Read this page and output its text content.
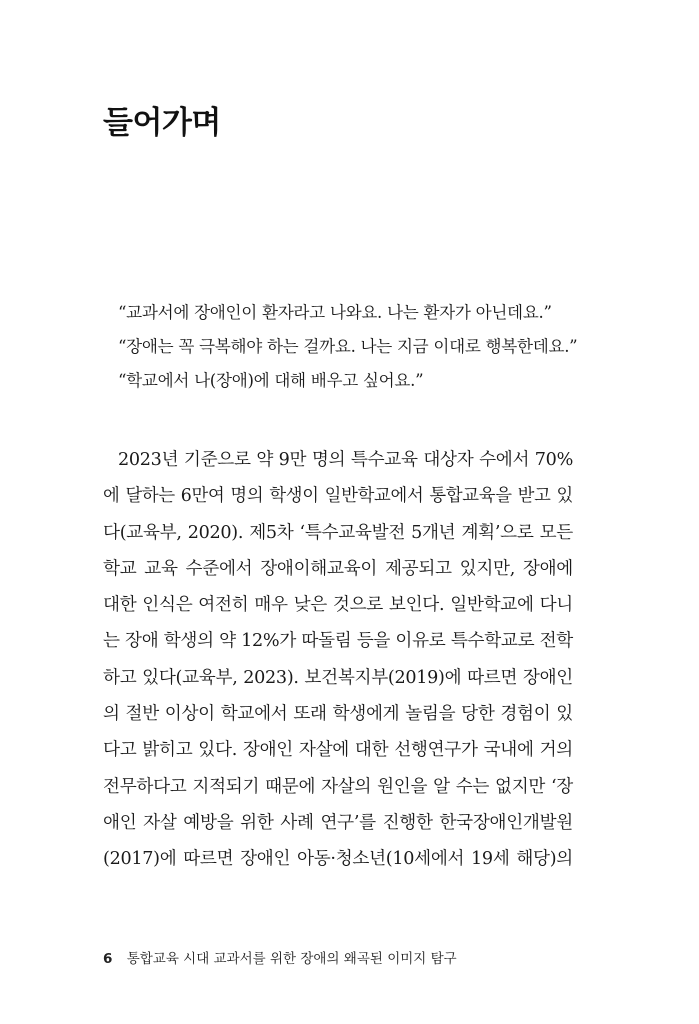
들어가며
“교과서에 장애인이 환자라고 나와요. 나는 환자가 아닌데요.”
“장애는 꼭 극복해야 하는 걸까요. 나는 지금 이대로 행복한데요.”
“학교에서 나(장애)에 대해 배우고 싶어요.”
2023년 기준으로 약 9만 명의 특수교육 대상자 수에서 70%
에 달하는 6만여 명의 학생이 일반학교에서 통합교육을 받고 있
다(교육부, 2020). 제5차 ‘특수교육발전 5개년 계획’으로 모든
학교 교육 수준에서 장애이해교육이 제공되고 있지만, 장애에
대한 인식은 여전히 매우 낮은 것으로 보인다. 일반학교에 다니
는 장애 학생의 약 12%가 따돌림 등을 이유로 특수학교로 전학
하고 있다(교육부, 2023). 보건복지부(2019)에 따르면 장애인
의 절반 이상이 학교에서 또래 학생에게 놀림을 당한 경험이 있
다고 밝히고 있다. 장애인 자살에 대한 선행연구가 국내에 거의
전무하다고 지적되기 때문에 자살의 원인을 알 수는 없지만 ‘장
애인 자살 예방을 위한 사례 연구’를 진행한 한국장애인개발원
(2017)에 따르면 장애인 아동·청소년(10세에서 19세 해당)의
6 통합교육 시대 교과서를 위한 장애의 왜곡된 이미지 탐구
